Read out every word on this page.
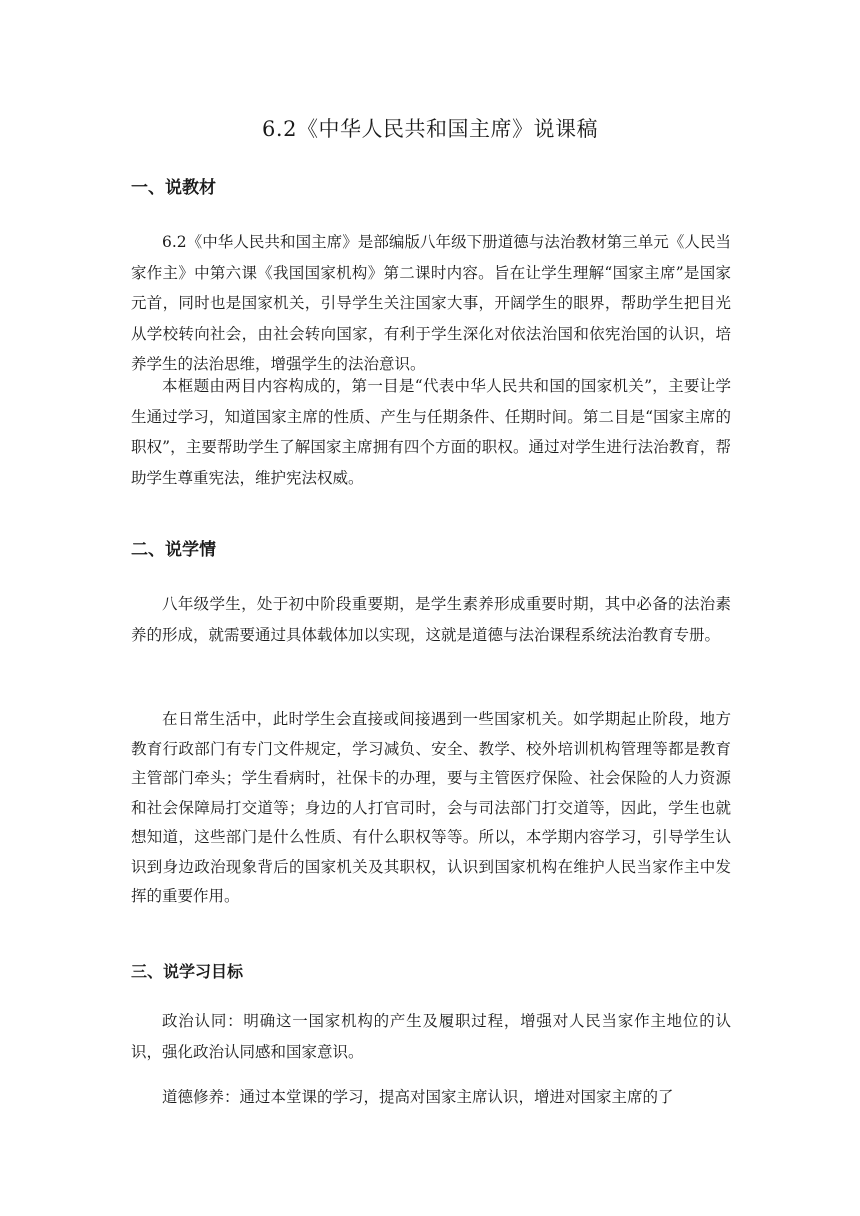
6.2《中华人民共和国主席》说课稿
一、说教材

6.2《中华人民共和国主席》是部编版八年级下册道德与法治教材第三单元《人民当家作主》中第六课《我国国家机构》第二课时内容。旨在让学生理解“国家主席”是国家元首，同时也是国家机关，引导学生关注国家大事，开阔学生的眼界，帮助学生把目光从学校转向社会，由社会转向国家，有利于学生深化对依法治国和依宪治国的认识，培养学生的法治思维，增强学生的法治意识。

本框题由两目内容构成的，第一目是“代表中华人民共和国的国家机关”，主要让学生通过学习，知道国家主席的性质、产生与任期条件、任期时间。第二目是“国家主席的职权”，主要帮助学生了解国家主席拥有四个方面的职权。通过对学生进行法治教育，帮助学生尊重宪法，维护宪法权威。

二、说学情

八年级学生，处于初中阶段重要期，是学生素养形成重要时期，其中必备的法治素养的形成，就需要通过具体载体加以实现，这就是道德与法治课程系统法治教育专册。

在日常生活中，此时学生会直接或间接遇到一些国家机关。如学期起止阶段，地方教育行政部门有专门文件规定，学习减负、安全、教学、校外培训机构管理等都是教育主管部门牵头；学生看病时，社保卡的办理，要与主管医疗保险、社会保险的人力资源和社会保障局打交道等；身边的人打官司时，会与司法部门打交道等，因此，学生也就想知道，这些部门是什么性质、有什么职权等等。所以，本学期内容学习，引导学生认识到身边政治现象背后的国家机关及其职权，认识到国家机构在维护人民当家作主中发挥的重要作用。

三、说学习目标

政治认同：明确这一国家机构的产生及履职过程，增强对人民当家作主地位的认识，强化政治认同感和国家意识。

道德修养：通过本堂课的学习，提高对国家主席认识，增进对国家主席的了
